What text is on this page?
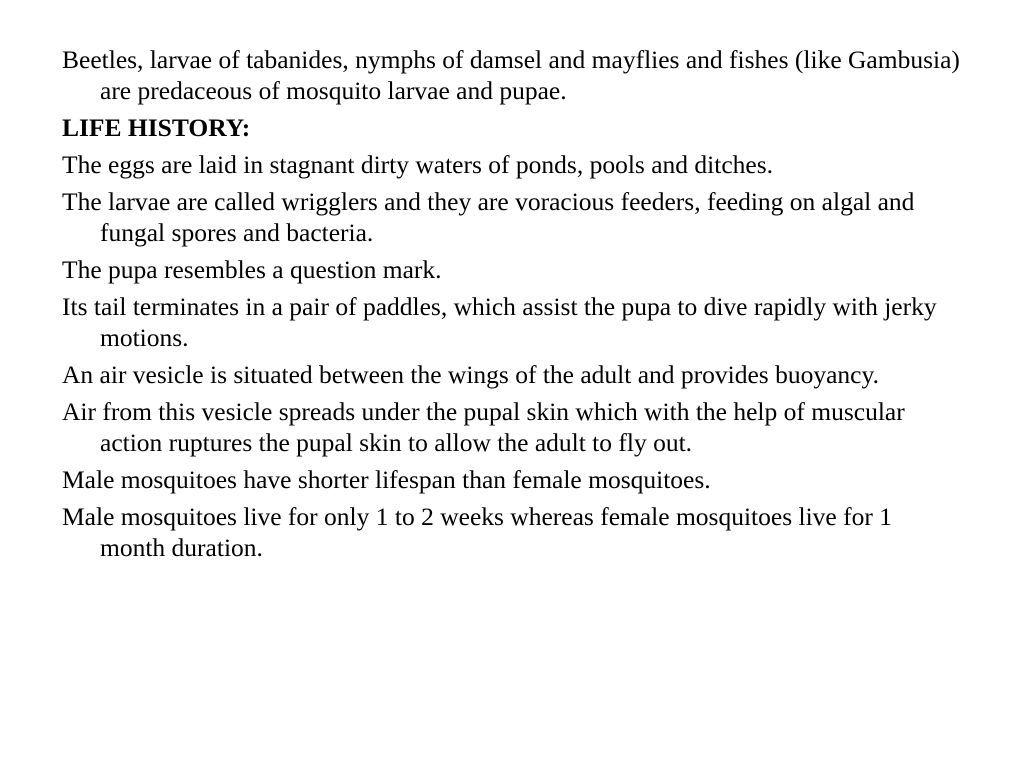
Beetles, larvae of tabanides, nymphs of damsel and mayflies and fishes (like Gambusia) are predaceous of mosquito larvae and pupae.

LIFE HISTORY:

The eggs are laid in stagnant dirty waters of ponds, pools and ditches.

The larvae are called wrigglers and they are voracious feeders, feeding on algal and fungal spores and bacteria.

The pupa resembles a question mark.

Its tail terminates in a pair of paddles, which assist the pupa to dive rapidly with jerky motions.

An air vesicle is situated between the wings of the adult and provides buoyancy.

Air from this vesicle spreads under the pupal skin which with the help of muscular action ruptures the pupal skin to allow the adult to fly out.

Male mosquitoes have shorter lifespan than female mosquitoes.

Male mosquitoes live for only 1 to 2 weeks whereas female mosquitoes live for 1 month duration.
